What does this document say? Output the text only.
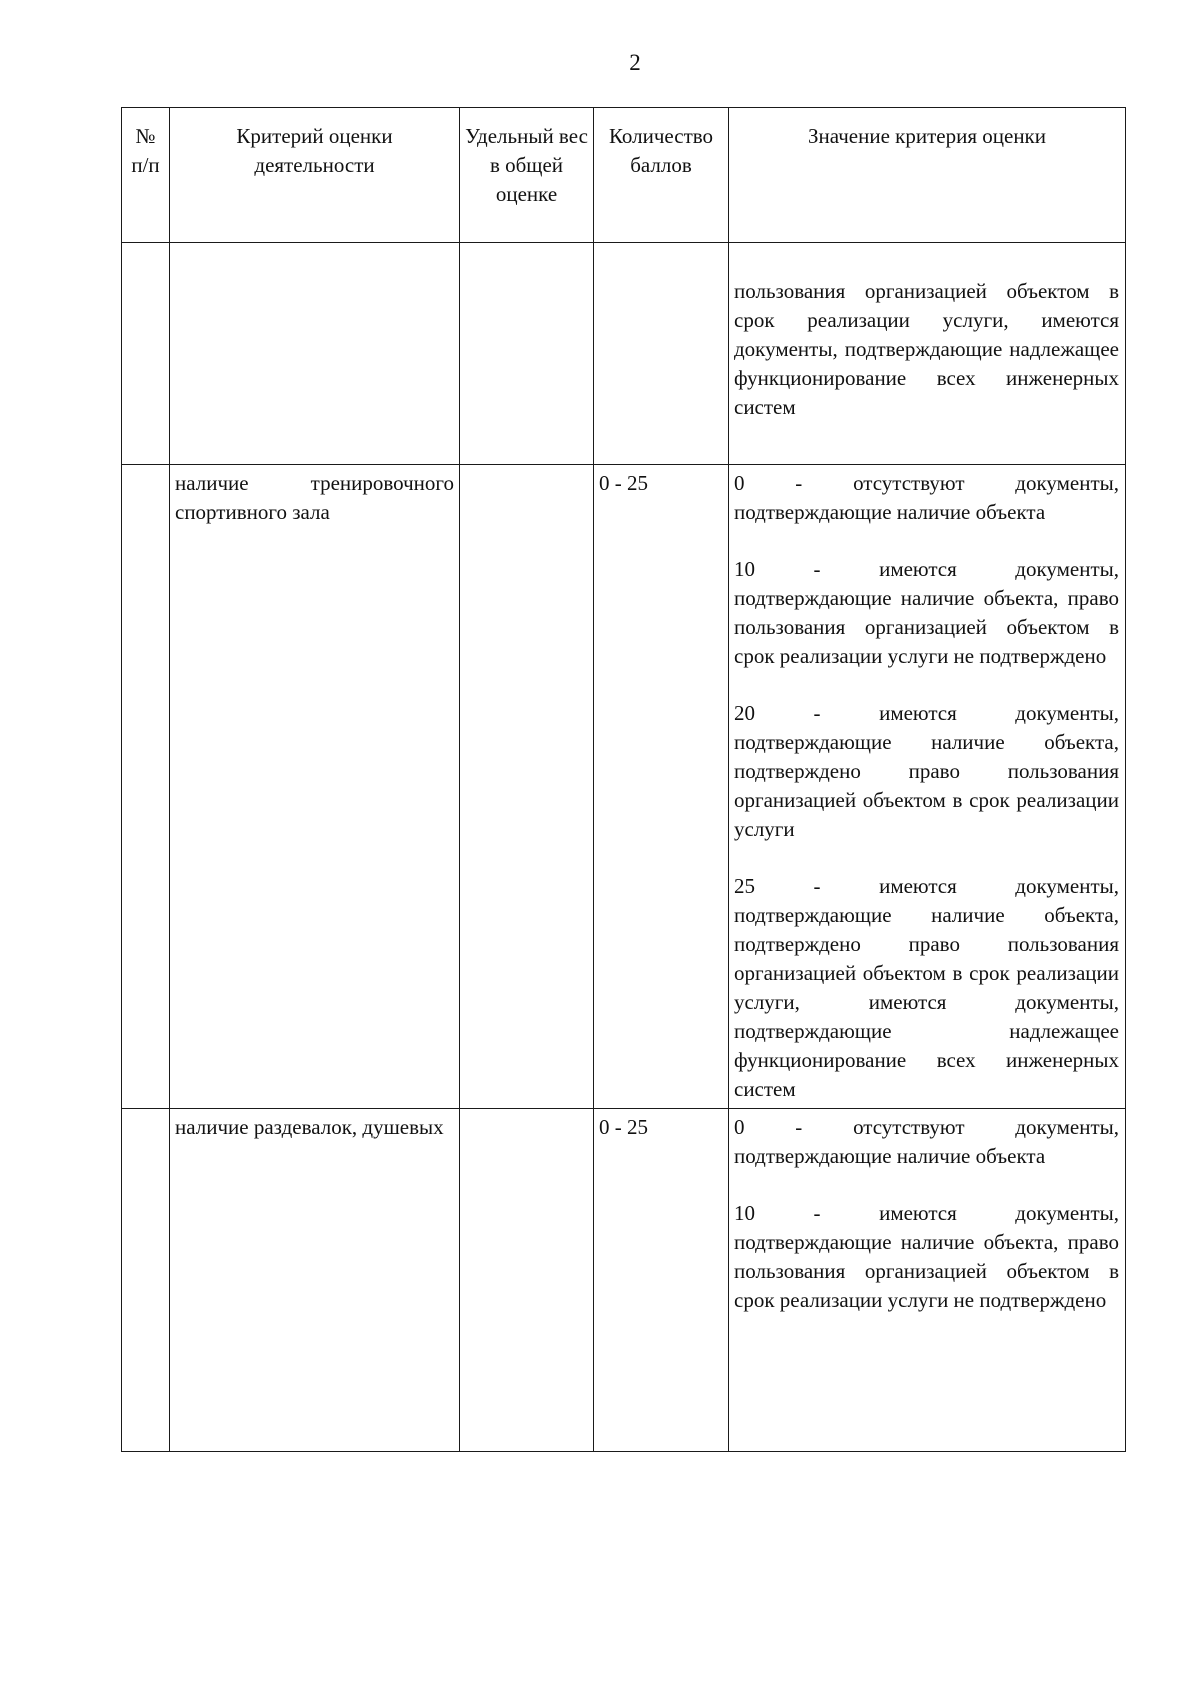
2
№ п/п	Критерий оценки деятельности	Удельный вес в общей оценке	Количество баллов	Значение критерия оценки

				пользования организацией объектом в срок реализации услуги, имеются документы, подтверждающие надлежащее функционирование всех инженерных систем

	наличие тренировочного спортивного зала		0 - 25	0 - отсутствуют документы, подтверждающие наличие объекта

10 - имеются документы, подтверждающие наличие объекта, право пользования организацией объектом в срок реализации услуги не подтверждено

20 - имеются документы, подтверждающие наличие объекта, подтверждено право пользования организацией объектом в срок реализации услуги

25 - имеются документы, подтверждающие наличие объекта, подтверждено право пользования организацией объектом в срок реализации услуги, имеются документы, подтверждающие надлежащее функционирование всех инженерных систем

	наличие раздевалок, душевых		0 - 25	0 - отсутствуют документы, подтверждающие наличие объекта

10 - имеются документы, подтверждающие наличие объекта, право пользования организацией объектом в срок реализации услуги не подтверждено
